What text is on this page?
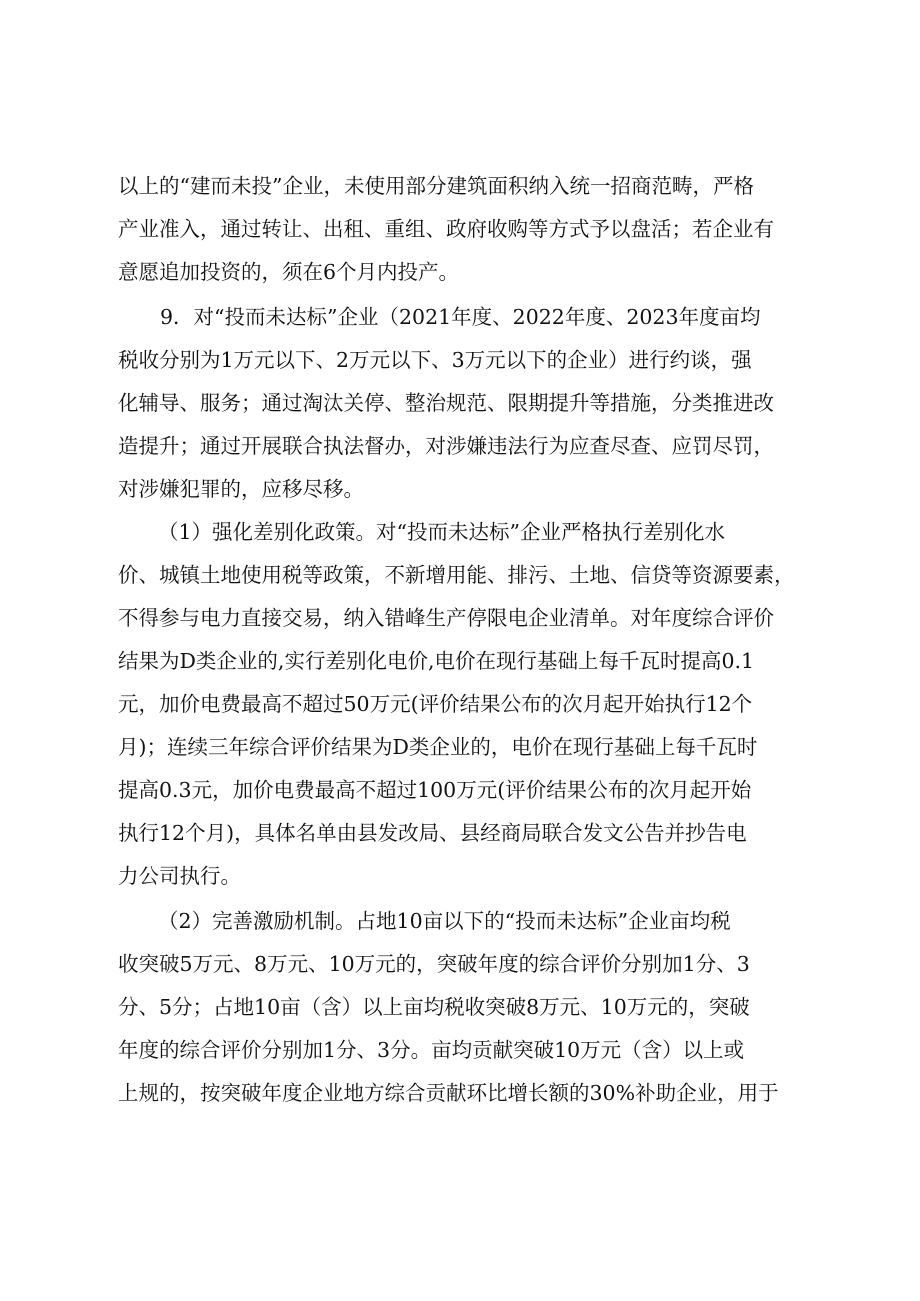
以上的“建而未投”企业，未使用部分建筑面积纳入统一招商范畴，严格
产业准入，通过转让、出租、重组、政府收购等方式予以盘活；若企业有
意愿追加投资的，须在6个月内投产。
9．对“投而未达标”企业（2021年度、2022年度、2023年度亩均
税收分别为1万元以下、2万元以下、3万元以下的企业）进行约谈，强
化辅导、服务；通过淘汰关停、整治规范、限期提升等措施，分类推进改
造提升；通过开展联合执法督办，对涉嫌违法行为应查尽查、应罚尽罚，
对涉嫌犯罪的，应移尽移。
（1）强化差别化政策。对“投而未达标”企业严格执行差别化水
价、城镇土地使用税等政策，不新增用能、排污、土地、信贷等资源要素，
不得参与电力直接交易，纳入错峰生产停限电企业清单。对年度综合评价
结果为D类企业的,实行差别化电价,电价在现行基础上每千瓦时提高0.1
元，加价电费最高不超过50万元(评价结果公布的次月起开始执行12个
月)；连续三年综合评价结果为D类企业的，电价在现行基础上每千瓦时
提高0.3元，加价电费最高不超过100万元(评价结果公布的次月起开始
执行12个月)，具体名单由县发改局、县经商局联合发文公告并抄告电
力公司执行。
（2）完善激励机制。占地10亩以下的“投而未达标”企业亩均税
收突破5万元、8万元、10万元的，突破年度的综合评价分别加1分、3
分、5分；占地10亩（含）以上亩均税收突破8万元、10万元的，突破
年度的综合评价分别加1分、3分。亩均贡献突破10万元（含）以上或
上规的，按突破年度企业地方综合贡献环比增长额的30%补助企业，用于
